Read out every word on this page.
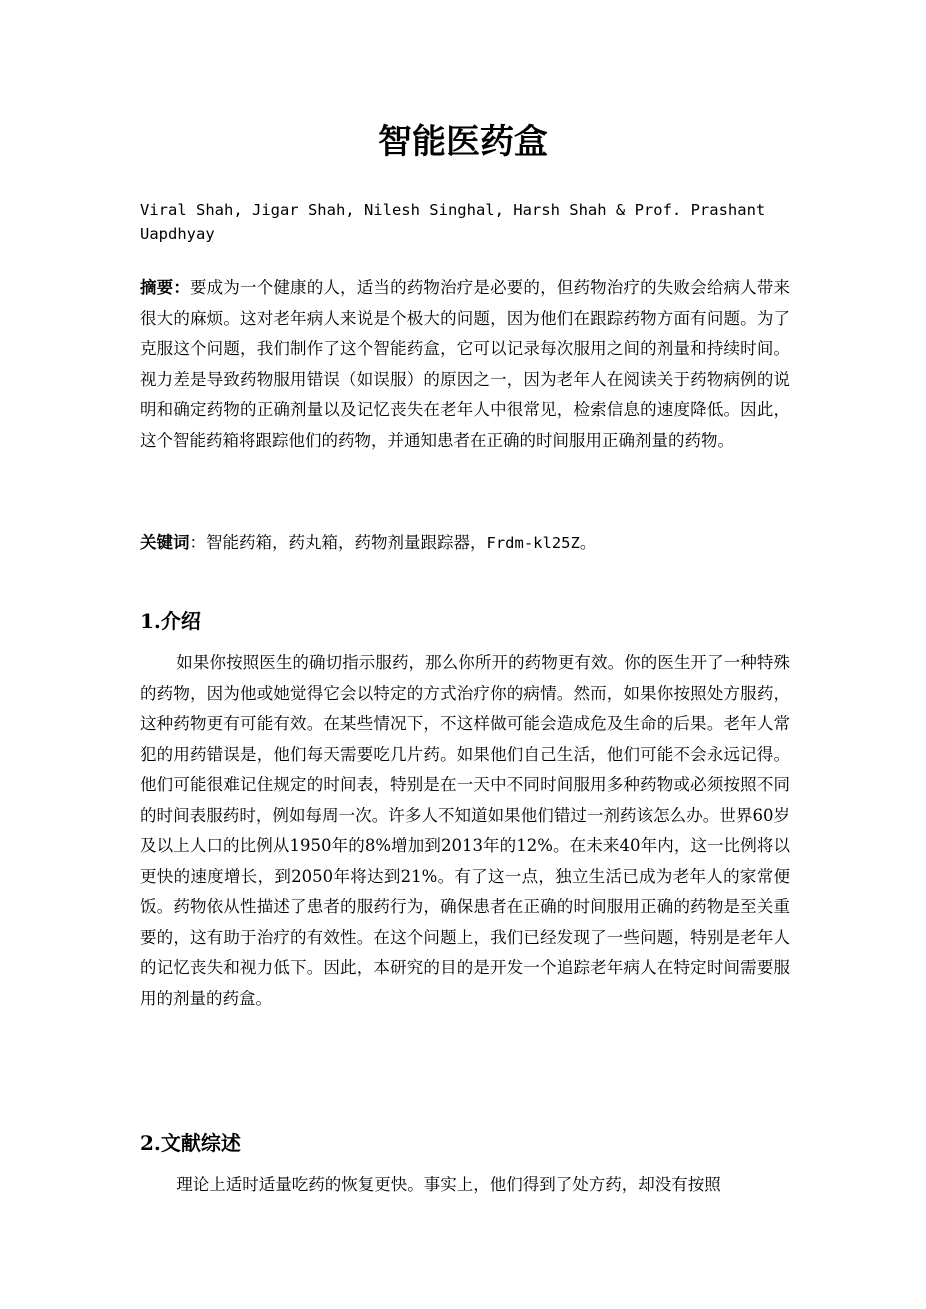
智能医药盒
Viral Shah, Jigar Shah, Nilesh Singhal, Harsh Shah & Prof. Prashant Uapdhyay
摘要：要成为一个健康的人，适当的药物治疗是必要的，但药物治疗的失败会给病人带来很大的麻烦。这对老年病人来说是个极大的问题，因为他们在跟踪药物方面有问题。为了克服这个问题，我们制作了这个智能药盒，它可以记录每次服用之间的剂量和持续时间。视力差是导致药物服用错误（如误服）的原因之一，因为老年人在阅读关于药物病例的说明和确定药物的正确剂量以及记忆丧失在老年人中很常见，检索信息的速度降低。因此，这个智能药箱将跟踪他们的药物，并通知患者在正确的时间服用正确剂量的药物。
关键词：智能药箱，药丸箱，药物剂量跟踪器，Frdm-kl25Z。
1.介绍
如果你按照医生的确切指示服药，那么你所开的药物更有效。你的医生开了一种特殊的药物，因为他或她觉得它会以特定的方式治疗你的病情。然而，如果你按照处方服药，这种药物更有可能有效。在某些情况下，不这样做可能会造成危及生命的后果。老年人常犯的用药错误是，他们每天需要吃几片药。如果他们自己生活，他们可能不会永远记得。他们可能很难记住规定的时间表，特别是在一天中不同时间服用多种药物或必须按照不同的时间表服药时，例如每周一次。许多人不知道如果他们错过一剂药该怎么办。世界60岁及以上人口的比例从1950年的8%增加到2013年的12%。在未来40年内，这一比例将以更快的速度增长，到2050年将达到21%。有了这一点，独立生活已成为老年人的家常便饭。药物依从性描述了患者的服药行为，确保患者在正确的时间服用正确的药物是至关重要的，这有助于治疗的有效性。在这个问题上，我们已经发现了一些问题，特别是老年人的记忆丧失和视力低下。因此，本研究的目的是开发一个追踪老年病人在特定时间需要服用的剂量的药盒。
2.文献综述
理论上适时适量吃药的恢复更快。事实上，他们得到了处方药，却没有按照
